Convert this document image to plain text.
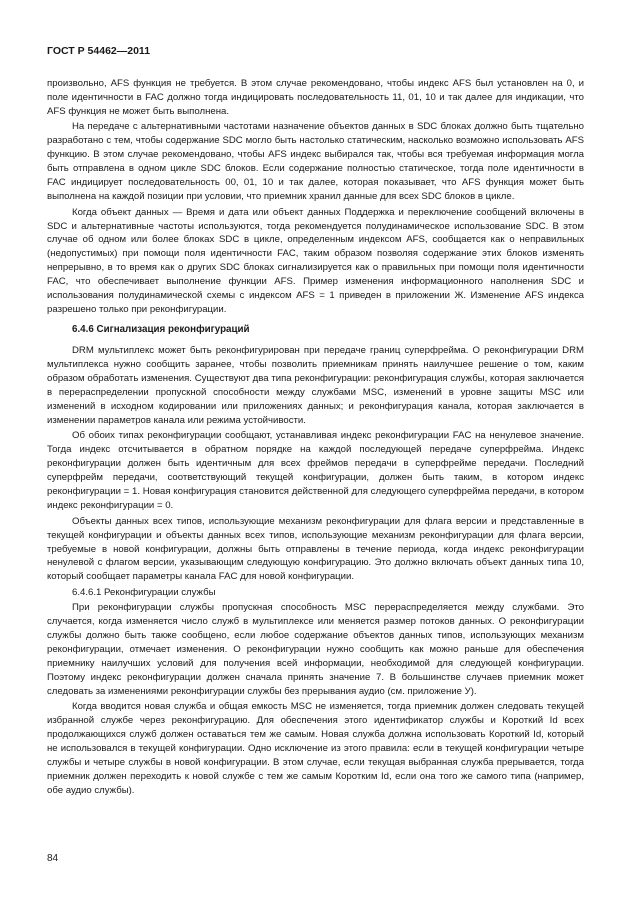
ГОСТ Р 54462—2011

произвольно, AFS функция не требуется. В этом случае рекомендовано, чтобы индекс AFS был установлен на 0, и поле идентичности в FAC должно тогда индицировать последовательность 11, 01, 10 и так далее для индикации, что AFS функция не может быть выполнена.

На передаче с альтернативными частотами назначение объектов данных в SDC блоках должно быть тщательно разработано с тем, чтобы содержание SDC могло быть настолько статическим, насколько возможно использовать AFS функцию. В этом случае рекомендовано, чтобы AFS индекс выбирался так, чтобы вся требуемая информация могла быть отправлена в одном цикле SDC блоков. Если содержание полностью статическое, тогда поле идентичности в FAC индицирует последовательность 00, 01, 10 и так далее, которая показывает, что AFS функция может быть выполнена на каждой позиции при условии, что приемник хранил данные для всех SDC блоков в цикле.

Когда объект данных — Время и дата или объект данных Поддержка и переключение сообщений включены в SDC и альтернативные частоты используются, тогда рекомендуется полудинамическое использование SDC. В этом случае об одном или более блоках SDC в цикле, определенным индексом AFS, сообщается как о неправильных (недопустимых) при помощи поля идентичности FAC, таким образом позволяя содержание этих блоков изменять непрерывно, в то время как о других SDC блоках сигнализируется как о правильных при помощи поля идентичности FAC, что обеспечивает выполнение функции AFS. Пример изменения информационного наполнения SDC и использования полудинамической схемы с индексом AFS = 1 приведен в приложении Ж. Изменение AFS индекса разрешено только при реконфигурации.

6.4.6 Сигнализация реконфигураций

DRM мультиплекс может быть реконфигурирован при передаче границ суперфрейма. О реконфигурации DRM мультиплекса нужно сообщить заранее, чтобы позволить приемникам принять наилучшее решение о том, каким образом обработать изменения. Существуют два типа реконфигурации: реконфигурация службы, которая заключается в перераспределении пропускной способности между службами MSC, изменений в уровне защиты MSC или изменений в исходном кодировании или приложениях данных; и реконфигурация канала, которая заключается в изменении параметров канала или режима устойчивости.

Об обоих типах реконфигурации сообщают, устанавливая индекс реконфигурации FAC на ненулевое значение. Тогда индекс отсчитывается в обратном порядке на каждой последующей передаче суперфрейма. Индекс реконфигурации должен быть идентичным для всех фреймов передачи в суперфрейме передачи. Последний суперфрейм передачи, соответствующий текущей конфигурации, должен быть таким, в котором индекс реконфигурации = 1. Новая конфигурация становится действенной для следующего суперфрейма передачи, в котором индекс реконфигурации = 0.

Объекты данных всех типов, использующие механизм реконфигурации для флага версии и представленные в текущей конфигурации и объекты данных всех типов, использующие механизм реконфигурации для флага версии, требуемые в новой конфигурации, должны быть отправлены в течение периода, когда индекс реконфигурации ненулевой с флагом версии, указывающим следующую конфигурацию. Это должно включать объект данных типа 10, который сообщает параметры канала FAC для новой конфигурации.

6.4.6.1 Реконфигурации службы

При реконфигурации службы пропускная способность MSC перераспределяется между службами. Это случается, когда изменяется число служб в мультиплексе или меняется размер потоков данных. О реконфигурации службы должно быть также сообщено, если любое содержание объектов данных типов, использующих механизм реконфигурации, отмечает изменения. О реконфигурации нужно сообщить как можно раньше для обеспечения приемнику наилучших условий для получения всей информации, необходимой для следующей конфигурации. Поэтому индекс реконфигурации должен сначала принять значение 7. В большинстве случаев приемник может следовать за изменениями реконфигурации службы без прерывания аудио (см. приложение У).

Когда вводится новая служба и общая емкость MSC не изменяется, тогда приемник должен следовать текущей избранной службе через реконфигурацию. Для обеспечения этого идентификатор службы и Короткий Id всех продолжающихся служб должен оставаться тем же самым. Новая служба должна использовать Короткий Id, который не использовался в текущей конфигурации. Одно исключение из этого правила: если в текущей конфигурации четыре службы и четыре службы в новой конфигурации. В этом случае, если текущая выбранная служба прерывается, тогда приемник должен переходить к новой службе с тем же самым Коротким Id, если она того же самого типа (например, обе аудио службы).

84
